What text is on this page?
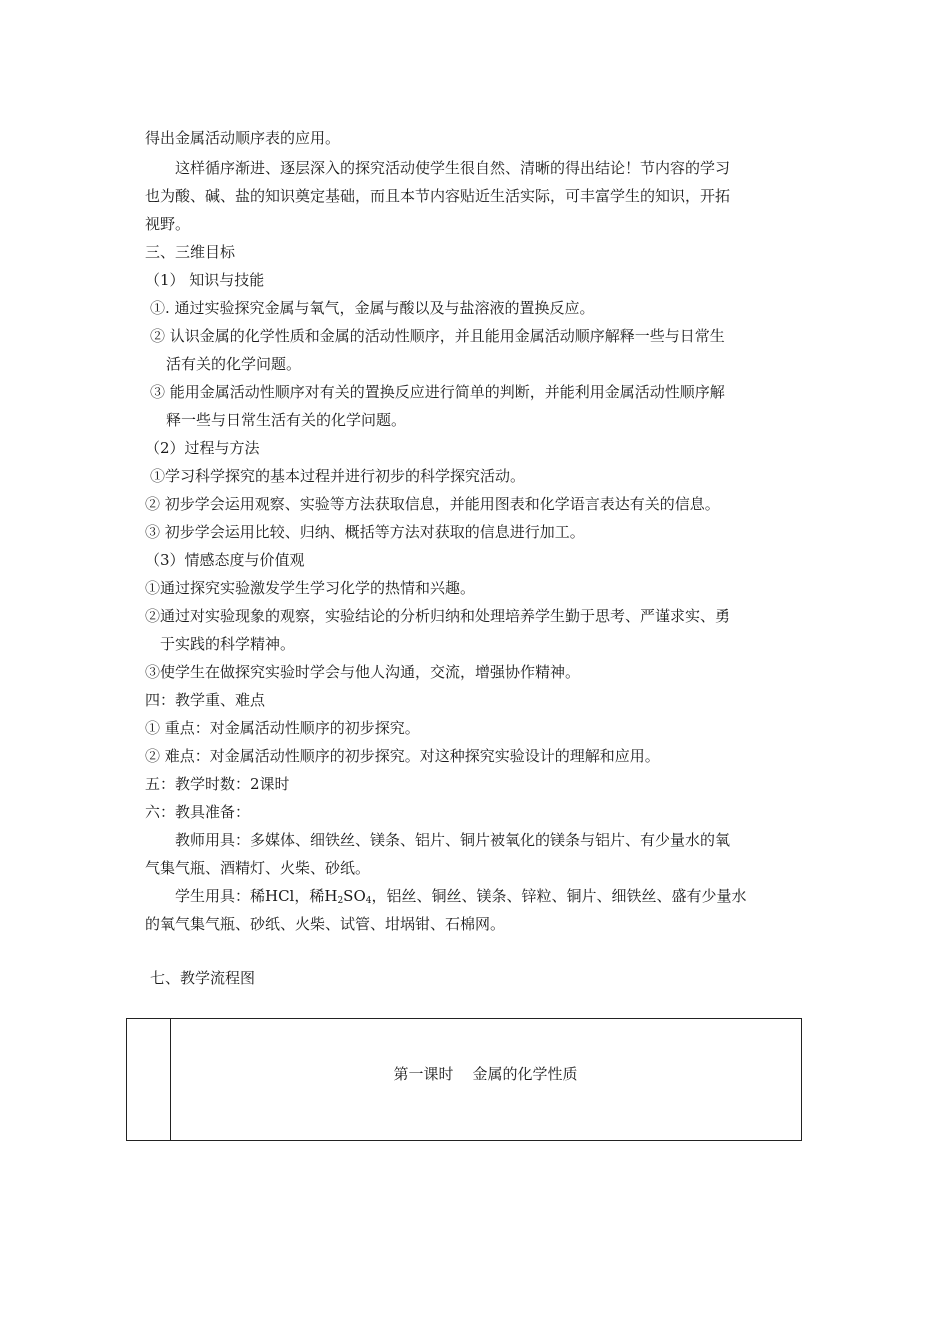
得出金属活动顺序表的应用。
这样循序渐进、逐层深入的探究活动使学生很自然、清晰的得出结论！节内容的学习
也为酸、碱、盐的知识奠定基础，而且本节内容贴近生活实际，可丰富学生的知识，开拓
视野。
三、三维目标
（1） 知识与技能
①. 通过实验探究金属与氧气，金属与酸以及与盐溶液的置换反应。
② 认识金属的化学性质和金属的活动性顺序，并且能用金属活动顺序解释一些与日常生
活有关的化学问题。
③ 能用金属活动性顺序对有关的置换反应进行简单的判断，并能利用金属活动性顺序解
释一些与日常生活有关的化学问题。
（2）过程与方法
①学习科学探究的基本过程并进行初步的科学探究活动。
② 初步学会运用观察、实验等方法获取信息，并能用图表和化学语言表达有关的信息。
③ 初步学会运用比较、归纳、概括等方法对获取的信息进行加工。
（3）情感态度与价值观
①通过探究实验激发学生学习化学的热情和兴趣。
②通过对实验现象的观察，实验结论的分析归纳和处理培养学生勤于思考、严谨求实、勇
于实践的科学精神。
③使学生在做探究实验时学会与他人沟通，交流，增强协作精神。
四：教学重、难点
① 重点：对金属活动性顺序的初步探究。
② 难点：对金属活动性顺序的初步探究。对这种探究实验设计的理解和应用。
五：教学时数：2课时
六：教具准备：
教师用具：多媒体、细铁丝、镁条、铝片、铜片被氧化的镁条与铝片、有少量水的氧
气集气瓶、酒精灯、火柴、砂纸。
学生用具：稀HCl，稀$H_2SO_4$，铝丝、铜丝、镁条、锌粒、铜片、细铁丝、盛有少量水
的氧气集气瓶、砂纸、火柴、试管、坩埚钳、石棉网。
七、教学流程图
第一课时    金属的化学性质
